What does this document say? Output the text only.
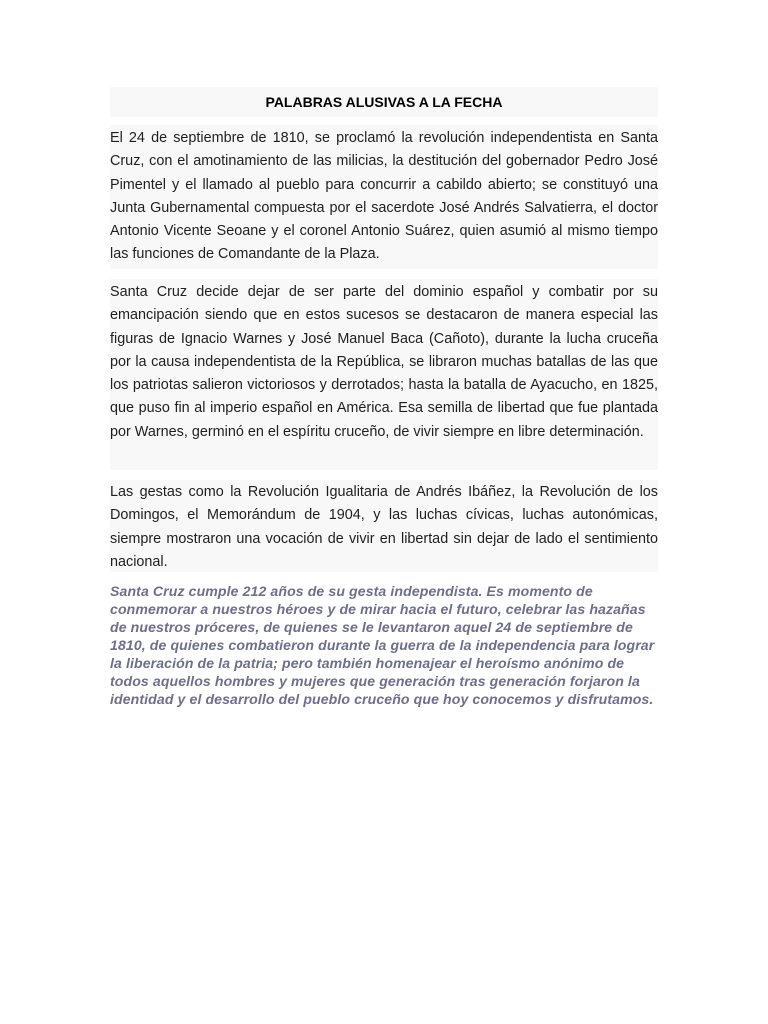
PALABRAS ALUSIVAS A LA FECHA

El 24 de septiembre de 1810, se proclamó la revolución independentista en Santa Cruz, con el amotinamiento de las milicias, la destitución del gobernador Pedro José Pimentel y el llamado al pueblo para concurrir a cabildo abierto; se constituyó una Junta Gubernamental compuesta por el sacerdote José Andrés Salvatierra, el doctor Antonio Vicente Seoane y el coronel Antonio Suárez, quien asumió al mismo tiempo las funciones de Comandante de la Plaza.

Santa Cruz decide dejar de ser parte del dominio español y combatir por su emancipación siendo que en estos sucesos se destacaron de manera especial las figuras de Ignacio Warnes y José Manuel Baca (Cañoto), durante la lucha cruceña por la causa independentista de la República, se libraron muchas batallas de las que los patriotas salieron victoriosos y derrotados; hasta la batalla de Ayacucho, en 1825, que puso fin al imperio español en América. Esa semilla de libertad que fue plantada por Warnes, germinó en el espíritu cruceño, de vivir siempre en libre determinación.

Las gestas como la Revolución Igualitaria de Andrés Ibáñez, la Revolución de los Domingos, el Memorándum de 1904, y las luchas cívicas, luchas autonómicas, siempre mostraron una vocación de vivir en libertad sin dejar de lado el sentimiento nacional.

Santa Cruz cumple 212 años de su gesta independista. Es momento de conmemorar a nuestros héroes y de mirar hacia el futuro, celebrar las hazañas de nuestros próceres, de quienes se le levantaron aquel 24 de septiembre de 1810, de quienes combatieron durante la guerra de la independencia para lograr la liberación de la patria; pero también homenajear el heroísmo anónimo de todos aquellos hombres y mujeres que generación tras generación forjaron la identidad y el desarrollo del pueblo cruceño que hoy conocemos y disfrutamos.
